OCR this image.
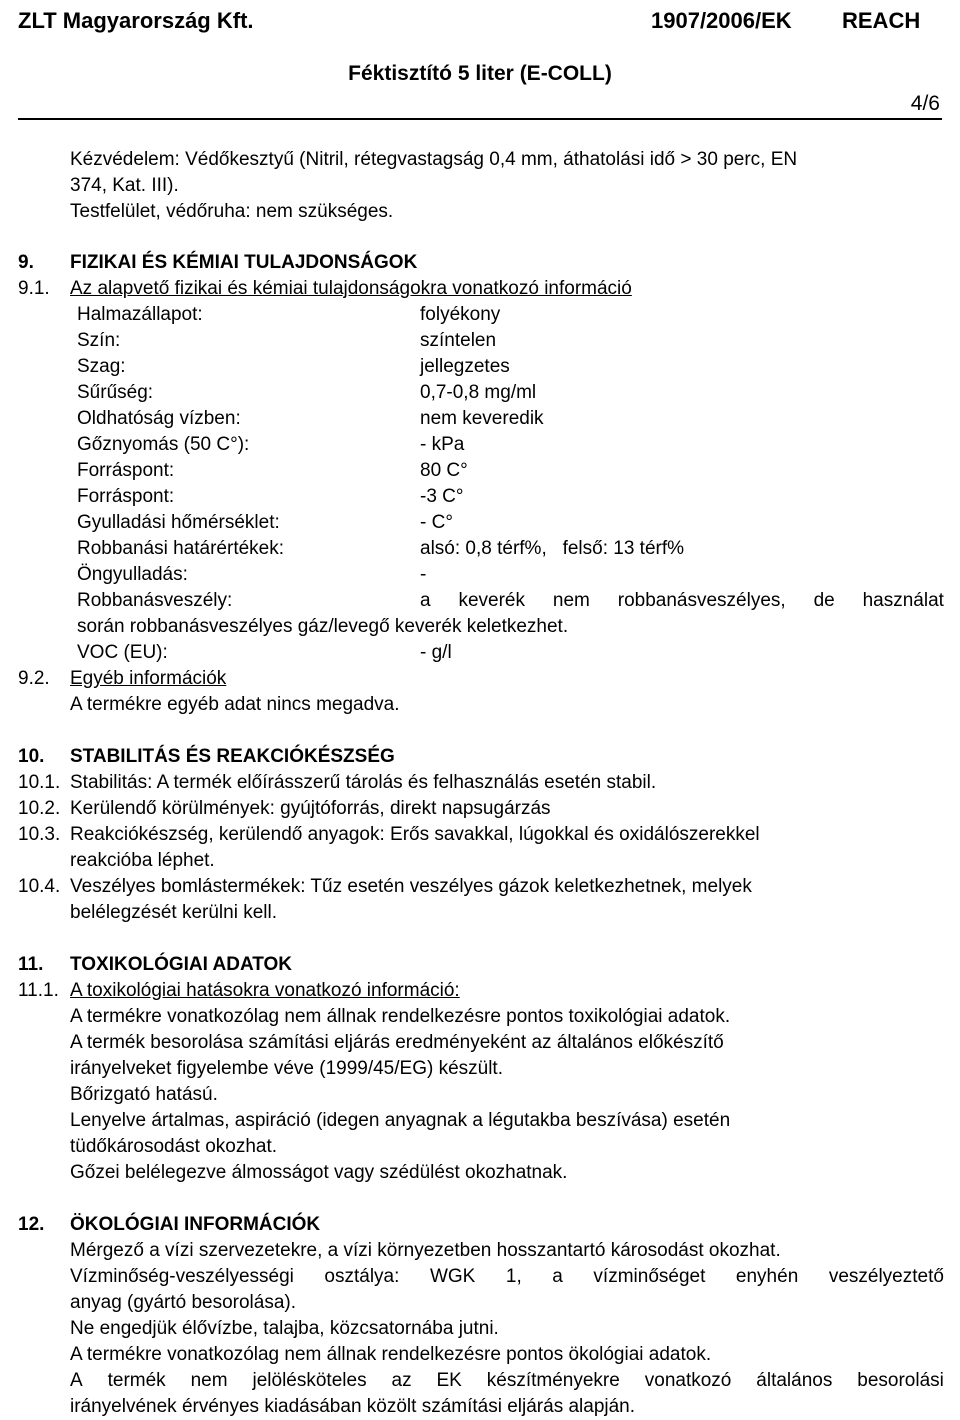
ZLT Magyarország Kft.	1907/2006/EK REACH
Féktisztító 5 liter (E-COLL)
4/6
Kézvédelem: Védőkesztyű (Nitril, rétegvastagság 0,4 mm, áthatolási idő > 30 perc, EN
374, Kat. III).
Testfelület, védőruha: nem szükséges.
9. FIZIKAI ÉS KÉMIAI TULAJDONSÁGOK
9.1. Az alapvető fizikai és kémiai tulajdonságokra vonatkozó információ
Halmazállapot:	folyékony
Szín:	színtelen
Szag:	jellegzetes
Sűrűség:	0,7-0,8 mg/ml
Oldhatóság vízben:	nem keveredik
Gőznyomás (50 C°):	- kPa
Forráspont:	80 C°
Forráspont:	-3 C°
Gyulladási hőmérséklet:	- C°
Robbanási határértékek:	alsó: 0,8 térf%,   felső: 13 térf%
Öngyulladás:	-
Robbanásveszély:	a keverék nem robbanásveszélyes, de használat
során robbanásveszélyes gáz/levegő keverék keletkezhet.
VOC (EU):	- g/l
9.2. Egyéb információk
A termékre egyéb adat nincs megadva.
10. STABILITÁS ÉS REAKCIÓKÉSZSÉG
10.1. Stabilitás: A termék előírásszerű tárolás és felhasználás esetén stabil.
10.2. Kerülendő körülmények: gyújtóforrás, direkt napsugárzás
10.3. Reakciókészség, kerülendő anyagok: Erős savakkal, lúgokkal és oxidálószerekkel
reakcióba léphet.
10.4. Veszélyes bomlástermékek: Tűz esetén veszélyes gázok keletkezhetnek, melyek
belélegzését kerülni kell.
11. TOXIKOLÓGIAI ADATOK
11.1. A toxikológiai hatásokra vonatkozó információ:
A termékre vonatkozólag nem állnak rendelkezésre pontos toxikológiai adatok.
A termék besorolása számítási eljárás eredményeként az általános előkészítő
irányelveket figyelembe véve (1999/45/EG) készült.
Bőrizgató hatású.
Lenyelve ártalmas, aspiráció (idegen anyagnak a légutakba beszívása) esetén
tüdőkárosodást okozhat.
Gőzei belélegezve álmosságot vagy szédülést okozhatnak.
12. ÖKOLÓGIAI INFORMÁCIÓK
Mérgező a vízi szervezetekre, a vízi környezetben hosszantartó károsodást okozhat.
Vízminőség-veszélyességi osztálya: WGK 1, a vízminőséget enyhén veszélyeztető
anyag (gyártó besorolása).
Ne engedjük élővízbe, talajba, közcsatornába jutni.
A termékre vonatkozólag nem állnak rendelkezésre pontos ökológiai adatok.
A termék nem jelölésköteles az EK készítményekre vonatkozó általános besorolási
irányelvének érvényes kiadásában közölt számítási eljárás alapján.
